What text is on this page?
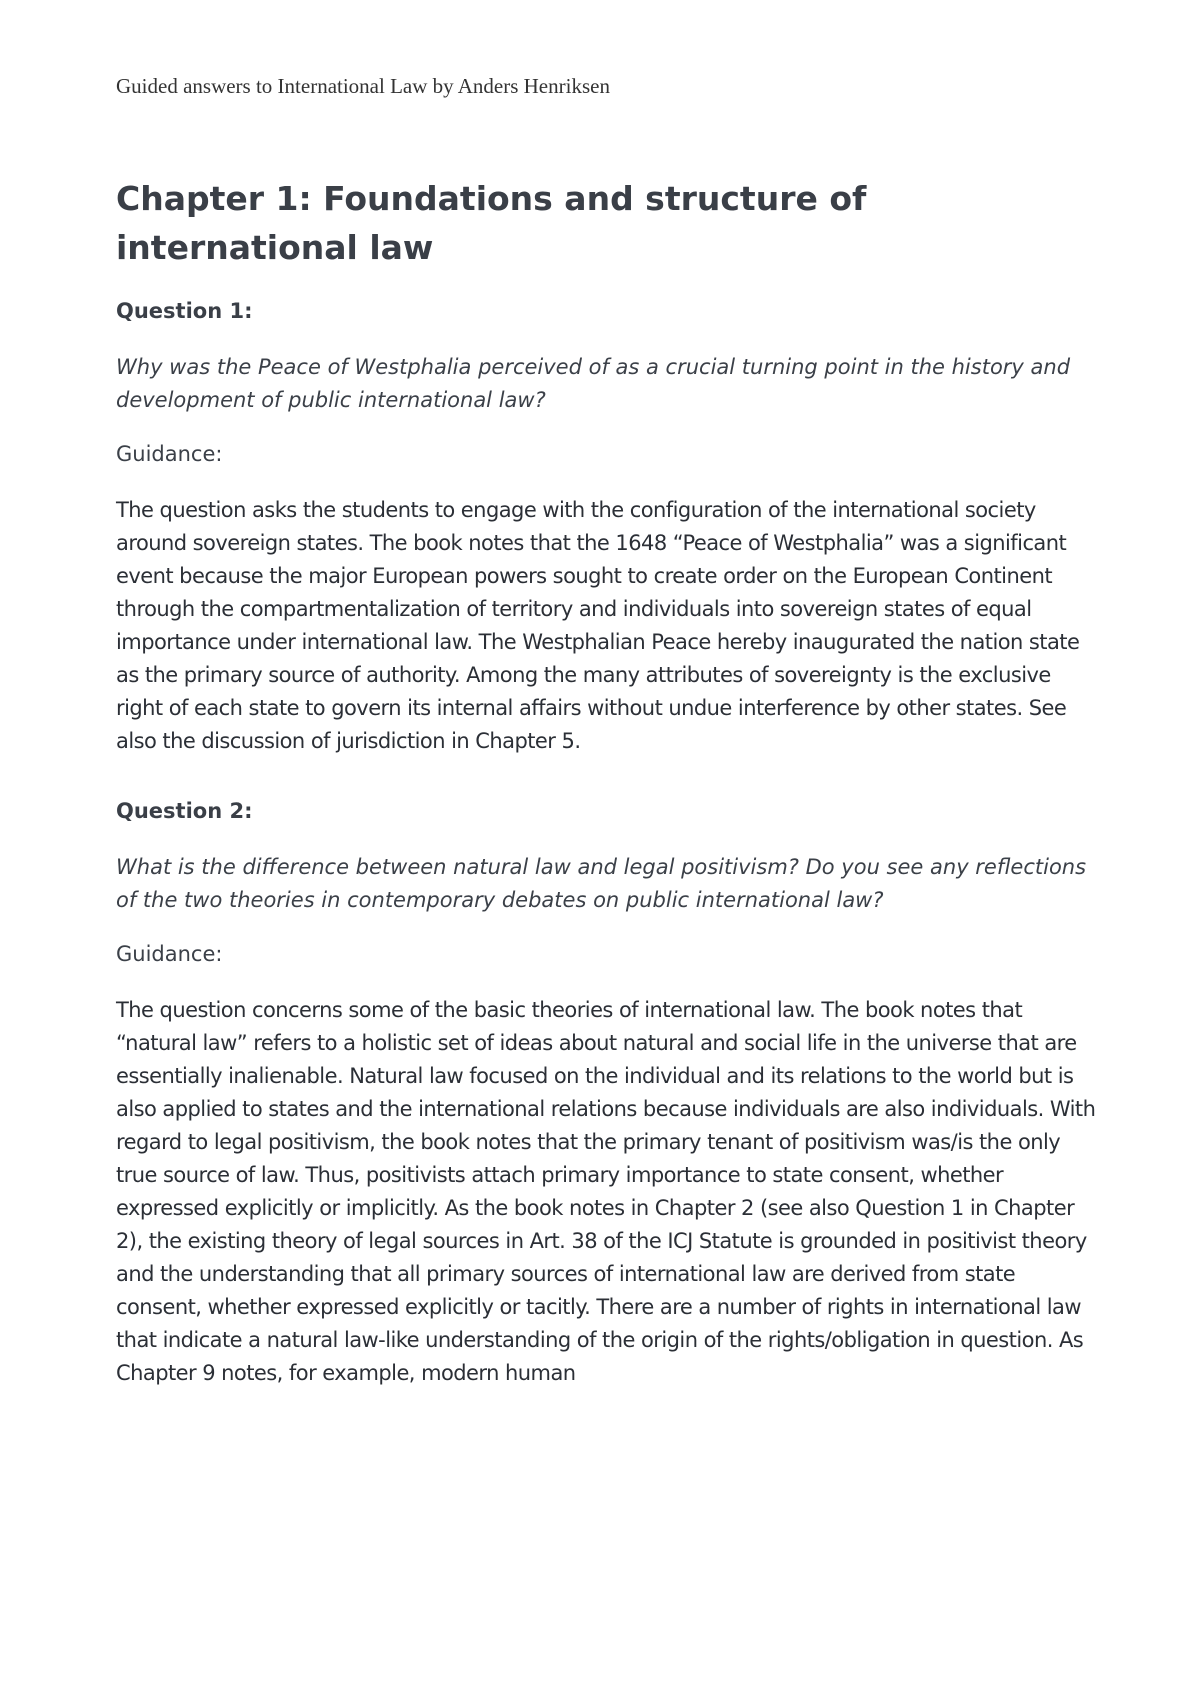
Guided answers to International Law by Anders Henriksen
Chapter 1: Foundations and structure of international law
Question 1:
Why was the Peace of Westphalia perceived of as a crucial turning point in the history and development of public international law?
Guidance:
The question asks the students to engage with the configuration of the international society around sovereign states. The book notes that the 1648 “Peace of Westphalia” was a significant event because the major European powers sought to create order on the European Continent through the compartmentalization of territory and individuals into sovereign states of equal importance under international law. The Westphalian Peace hereby inaugurated the nation state as the primary source of authority. Among the many attributes of sovereignty is the exclusive right of each state to govern its internal affairs without undue interference by other states. See also the discussion of jurisdiction in Chapter 5.
Question 2:
What is the difference between natural law and legal positivism? Do you see any reflections of the two theories in contemporary debates on public international law?
Guidance:
The question concerns some of the basic theories of international law. The book notes that “natural law” refers to a holistic set of ideas about natural and social life in the universe that are essentially inalienable. Natural law focused on the individual and its relations to the world but is also applied to states and the international relations because individuals are also individuals. With regard to legal positivism, the book notes that the primary tenant of positivism was/is the only true source of law. Thus, positivists attach primary importance to state consent, whether expressed explicitly or implicitly. As the book notes in Chapter 2 (see also Question 1 in Chapter 2), the existing theory of legal sources in Art. 38 of the ICJ Statute is grounded in positivist theory and the understanding that all primary sources of international law are derived from state consent, whether expressed explicitly or tacitly. There are a number of rights in international law that indicate a natural law-like understanding of the origin of the rights/obligation in question. As Chapter 9 notes, for example, modern human
